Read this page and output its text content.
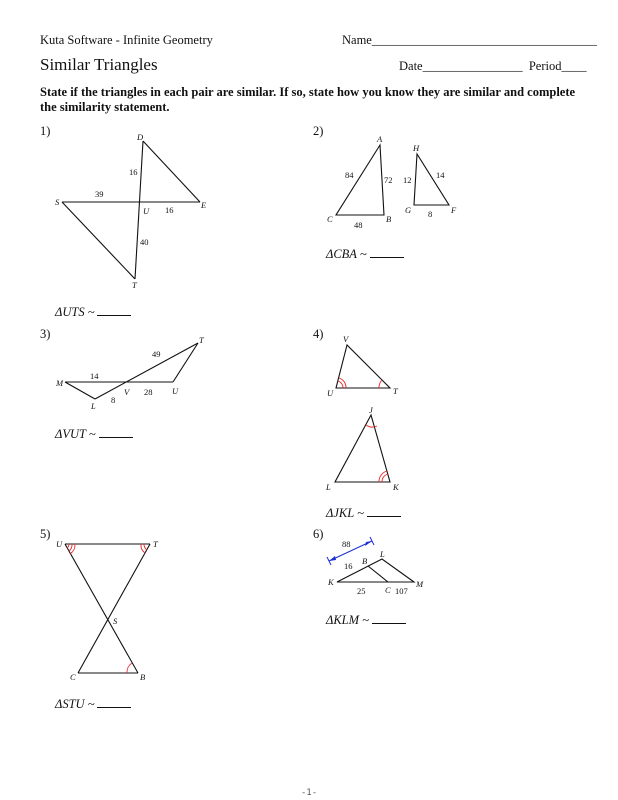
Kuta Software - Infinite Geometry	Name____________________________________
Similar Triangles	Date________________ Period____
State if the triangles in each pair are similar. If so, state how you know they are similar and complete the similarity statement.
1)	2)
3)	4)
5)	6)
ΔUTS ~
ΔCBA ~
ΔVUT ~
ΔJKL ~
ΔSTU ~
ΔKLM ~
D
S
U
E
T
16
39
16
40
A
C	B
H
G	F
84	72
48
12	14
8
T
M
V	U
L
49
14
8
28
V
U	T
J
L	K
U	T
S
C	B
L
B
K
C
M
88
16
25	107
-1-
